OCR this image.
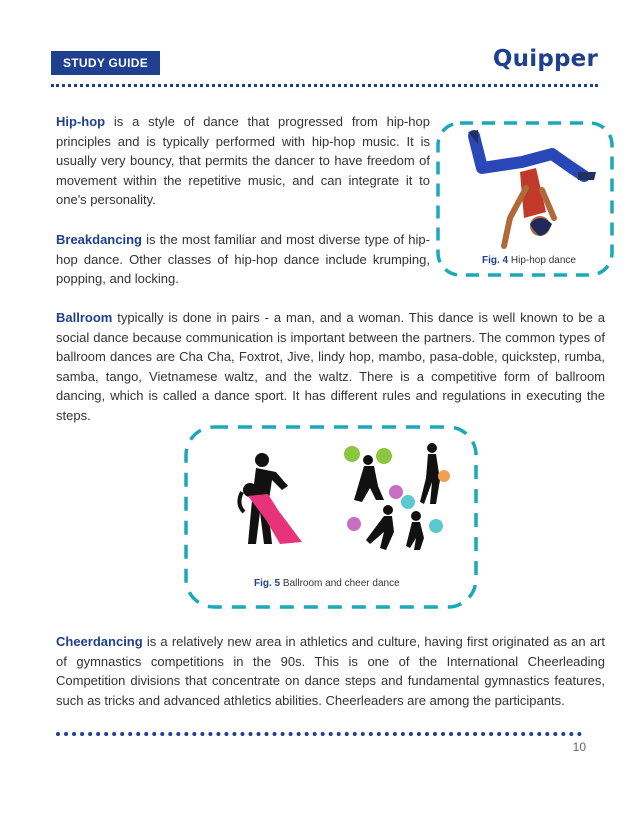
STUDY GUIDE	Quipper

Hip-hop is a style of dance that progressed from hip-hop principles and is typically performed with hip-hop music. It is usually very bouncy, that permits the dancer to have freedom of movement within the repetitive music, and can integrate it to one's personality.

Breakdancing is the most familiar and most diverse type of hip-hop dance. Other classes of hip-hop dance include krumping, popping, and locking.

Ballroom typically is done in pairs - a man, and a woman. This dance is well known to be a social dance because communication is important between the partners. The common types of ballroom dances are Cha Cha, Foxtrot, Jive, lindy hop, mambo, pasa-doble, quickstep, rumba, samba, tango, Vietnamese waltz, and the waltz. There is a competitive form of ballroom dancing, which is called a dance sport. It has different rules and regulations in executing the steps.

Cheerdancing is a relatively new area in athletics and culture, having first originated as an art of gymnastics competitions in the 90s. This is one of the International Cheerleading Competition divisions that concentrate on dance steps and fundamental gymnastics features, such as tricks and advanced athletics abilities. Cheerleaders are among the participants.

Fig. 4 Hip-hop dance
Fig. 5 Ballroom and cheer dance
10
